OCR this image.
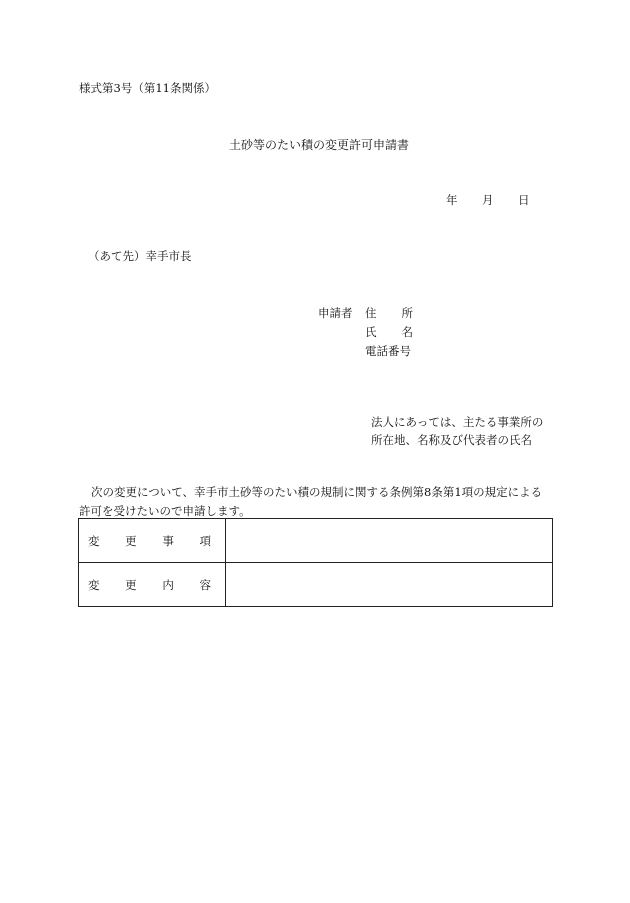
様式第3号（第11条関係）
土砂等のたい積の変更許可申請書
年 月 日
（あて先）幸手市長
申請者	住 所
氏 名
電話番号
法人にあっては、主たる事業所の
所在地、名称及び代表者の氏名
次の変更について、幸手市土砂等のたい積の規制に関する条例第8条第1項の規定による許可を受けたいので申請します。
変 更 事 項	

変 更 内 容	
